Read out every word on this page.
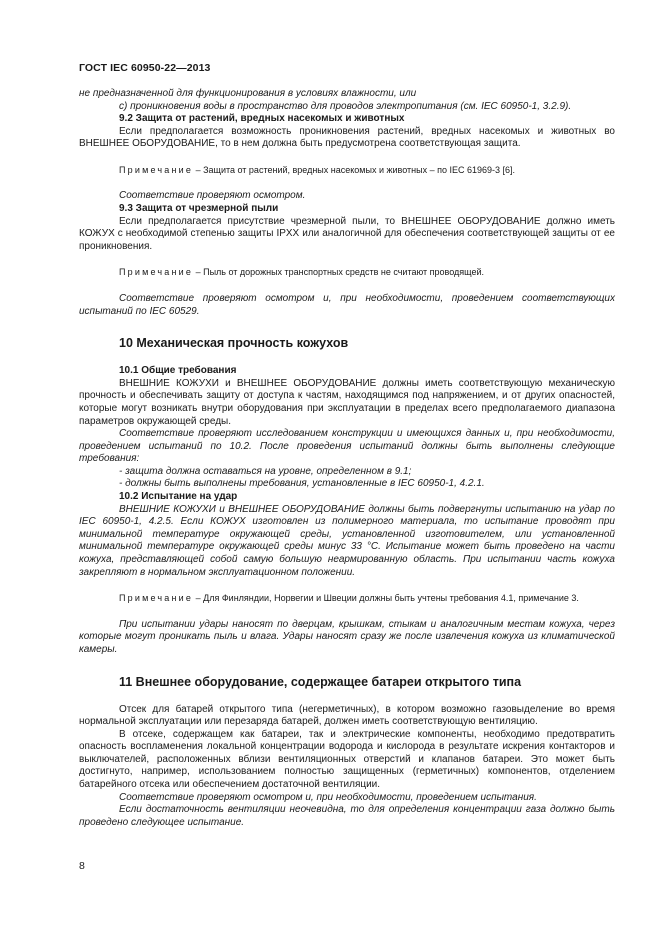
ГОСТ IEC 60950-22—2013

не предназначенной для функционирования в условиях влажности, или

c) проникновения воды в пространство для проводов электропитания (см. IEC 60950-1, 3.2.9).

9.2 Защита от растений, вредных насекомых и животных

Если предполагается возможность проникновения растений, вредных насекомых и животных во ВНЕШНЕЕ ОБОРУДОВАНИЕ, то в нем должна быть предусмотрена соответствующая защита.

Примечание – Защита от растений, вредных насекомых и животных – по IEC 61969-3 [6].

Соответствие проверяют осмотром.

9.3 Защита от чрезмерной пыли

Если предполагается присутствие чрезмерной пыли, то ВНЕШНЕЕ ОБОРУДОВАНИЕ должно иметь КОЖУХ с необходимой степенью защиты IPXX или аналогичной для обеспечения соответствующей защиты от ее проникновения.

Примечание – Пыль от дорожных транспортных средств не считают проводящей.

Соответствие проверяют осмотром и, при необходимости, проведением соответствующих испытаний по IEC 60529.

10 Механическая прочность кожухов

10.1 Общие требования

ВНЕШНИЕ КОЖУХИ и ВНЕШНЕЕ ОБОРУДОВАНИЕ должны иметь соответствующую механическую прочность и обеспечивать защиту от доступа к частям, находящимся под напряжением, и от других опасностей, которые могут возникать внутри оборудования при эксплуатации в пределах всего предполагаемого диапазона параметров окружающей среды.

Соответствие проверяют исследованием конструкции и имеющихся данных и, при необходимости, проведением испытаний по 10.2. После проведения испытаний должны быть выполнены следующие требования:

- защита должна оставаться на уровне, определенном в 9.1;

- должны быть выполнены требования, установленные в IEC 60950-1, 4.2.1.

10.2 Испытание на удар

ВНЕШНИЕ КОЖУХИ и ВНЕШНЕЕ ОБОРУДОВАНИЕ должны быть подвергнуты испытанию на удар по IEC 60950-1, 4.2.5. Если КОЖУХ изготовлен из полимерного материала, то испытание проводят при минимальной температуре окружающей среды, установленной изготовителем, или установленной минимальной температуре окружающей среды минус 33 °C. Испытание может быть проведено на части кожуха, представляющей собой самую большую неармированную область. При испытании часть кожуха закрепляют в нормальном эксплуатационном положении.

Примечание – Для Финляндии, Норвегии и Швеции должны быть учтены требования 4.1, примечание 3.

При испытании удары наносят по дверцам, крышкам, стыкам и аналогичным местам кожуха, через которые могут проникать пыль и влага. Удары наносят сразу же после извлечения кожуха из климатической камеры.

11 Внешнее оборудование, содержащее батареи открытого типа

Отсек для батарей открытого типа (негерметичных), в котором возможно газовыделение во время нормальной эксплуатации или перезаряда батарей, должен иметь соответствующую вентиляцию.

В отсеке, содержащем как батареи, так и электрические компоненты, необходимо предотвратить опасность воспламенения локальной концентрации водорода и кислорода в результате искрения контакторов и выключателей, расположенных вблизи вентиляционных отверстий и клапанов батареи. Это может быть достигнуто, например, использованием полностью защищенных (герметичных) компонентов, отделением батарейного отсека или обеспечением достаточной вентиляции.

Соответствие проверяют осмотром и, при необходимости, проведением испытания.

Если достаточность вентиляции неочевидна, то для определения концентрации газа должно быть проведено следующее испытание.

8
